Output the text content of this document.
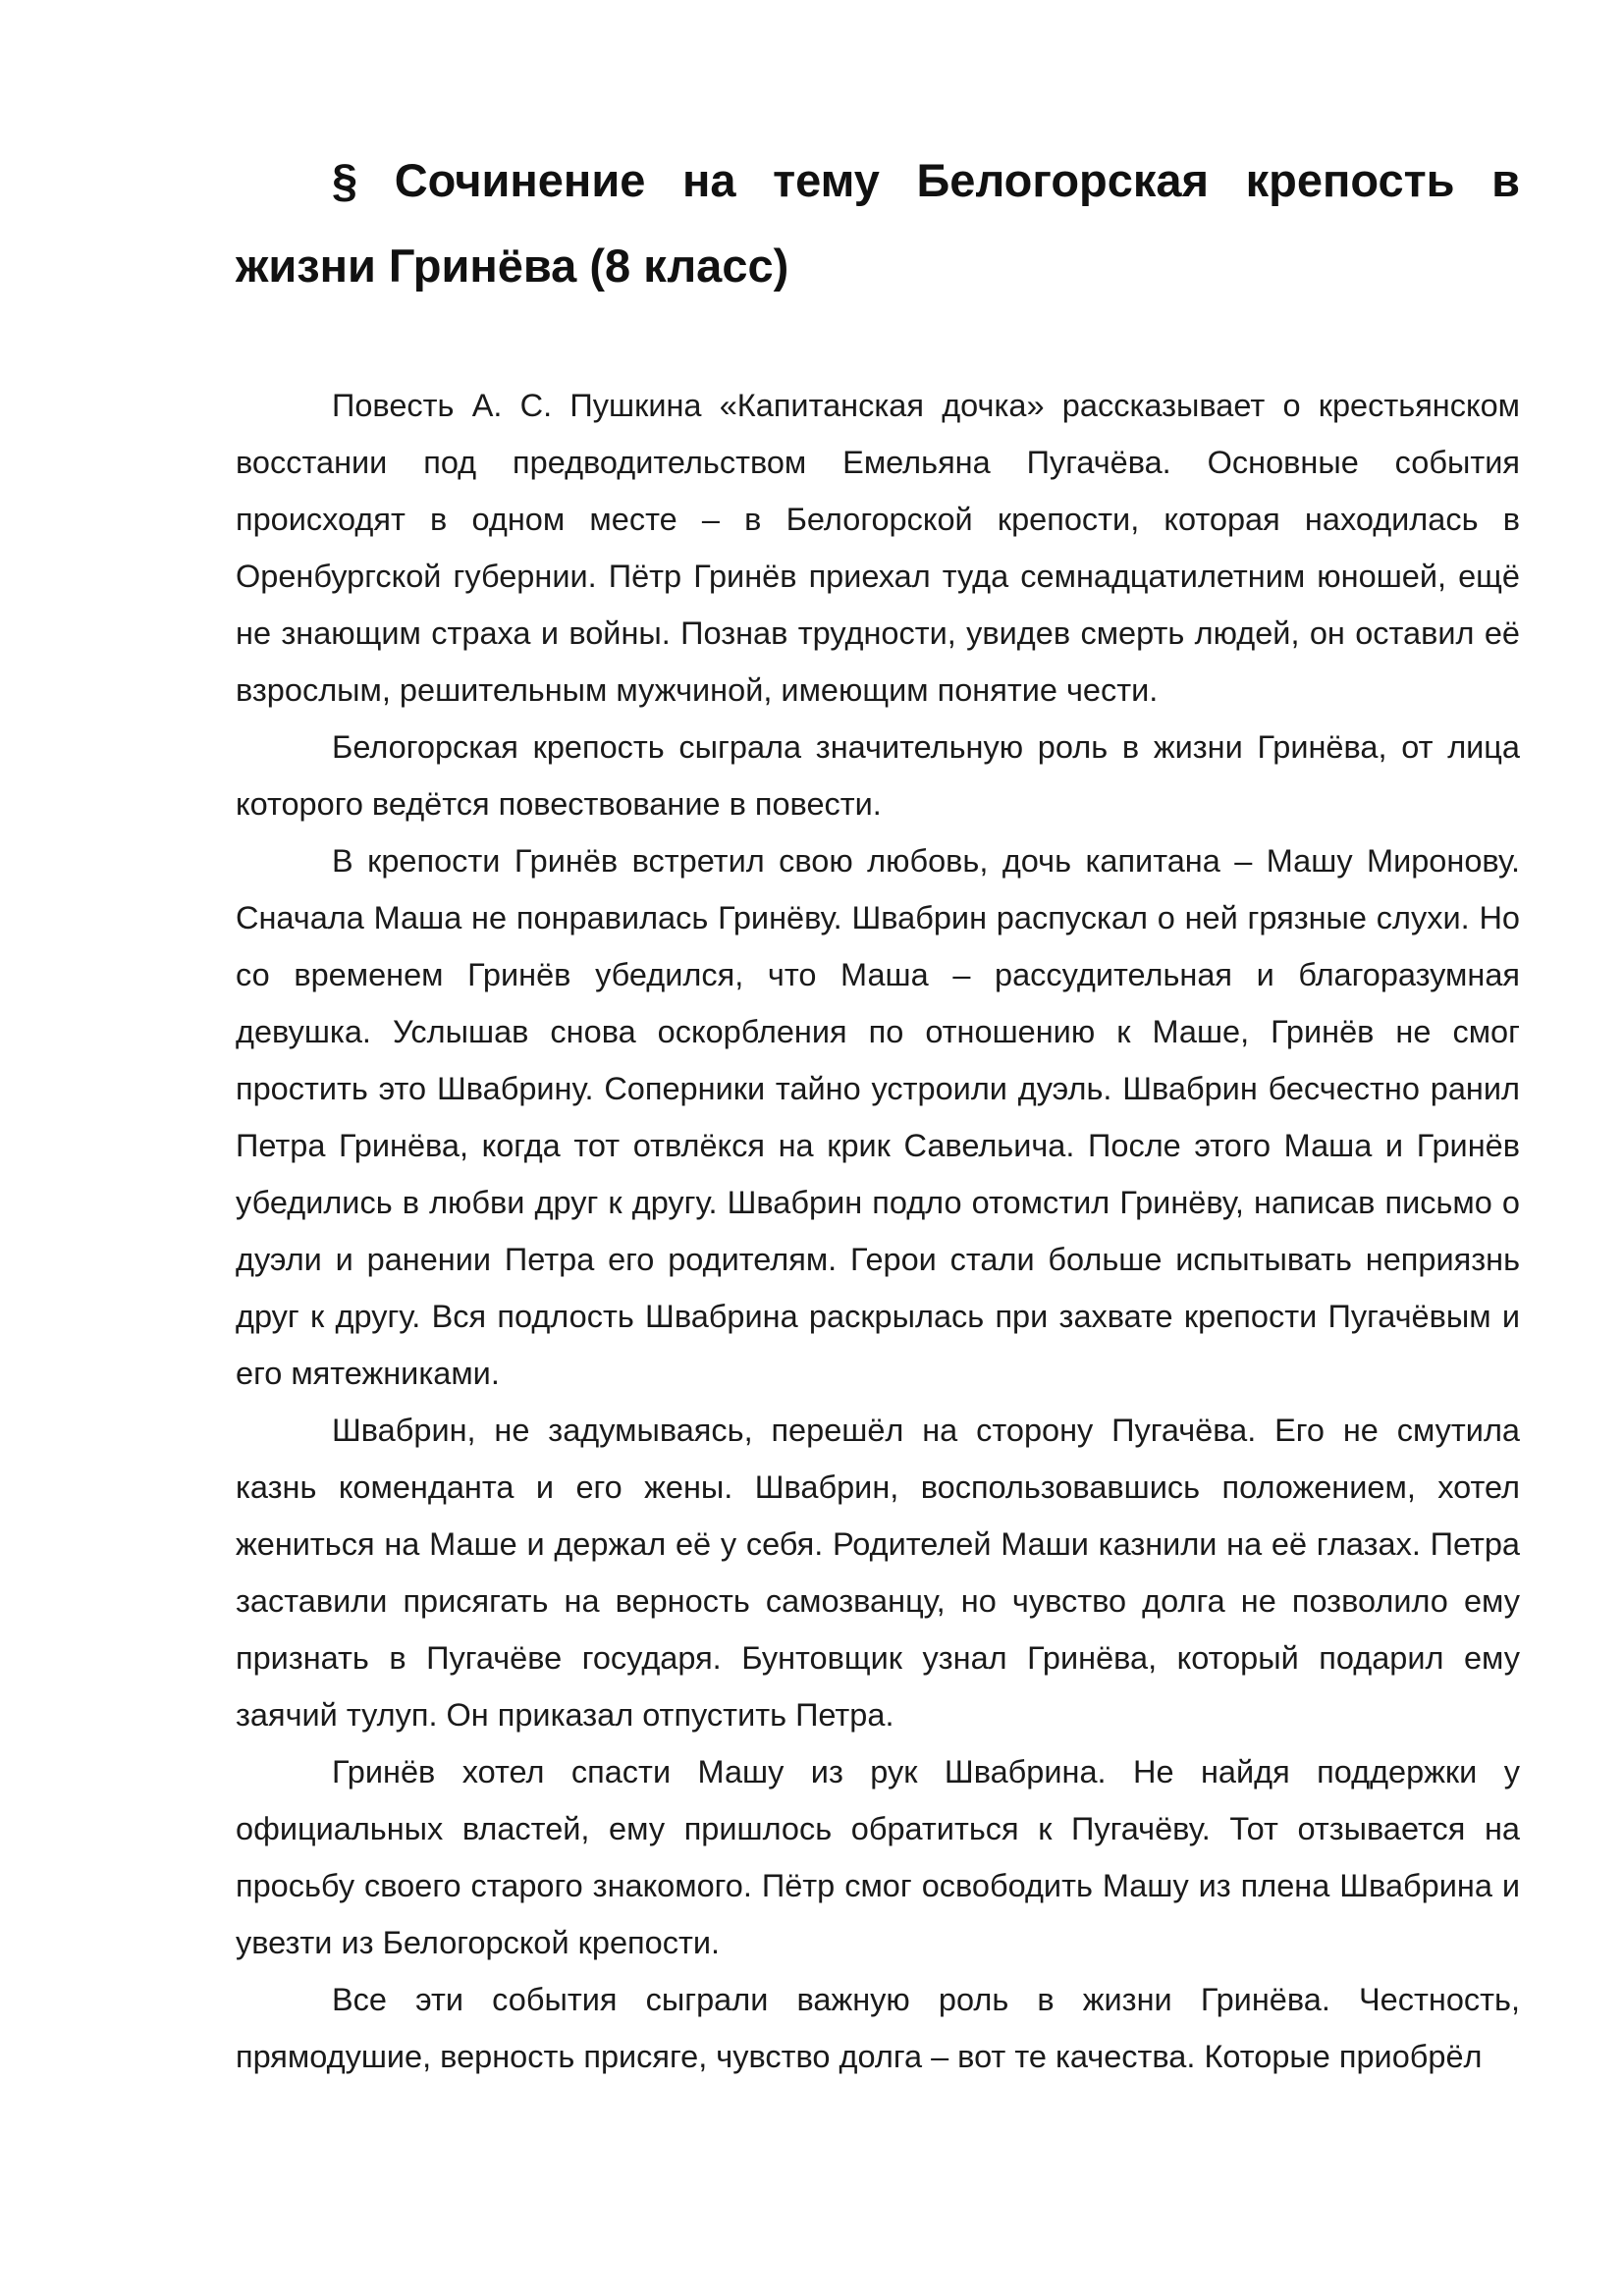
§ Сочинение на тему Белогорская крепость в жизни Гринёва (8 класс)

Повесть А. С. Пушкина «Капитанская дочка» рассказывает о крестьянском восстании под предводительством Емельяна Пугачёва. Основные события происходят в одном месте – в Белогорской крепости, которая находилась в Оренбургской губернии. Пётр Гринёв приехал туда семнадцатилетним юношей, ещё не знающим страха и войны. Познав трудности, увидев смерть людей, он оставил её взрослым, решительным мужчиной, имеющим понятие чести.

Белогорская крепость сыграла значительную роль в жизни Гринёва, от лица которого ведётся повествование в повести.

В крепости Гринёв встретил свою любовь, дочь капитана – Машу Миронову. Сначала Маша не понравилась Гринёву. Швабрин распускал о ней грязные слухи. Но со временем Гринёв убедился, что Маша – рассудительная и благоразумная девушка. Услышав снова оскорбления по отношению к Маше, Гринёв не смог простить это Швабрину. Соперники тайно устроили дуэль. Швабрин бесчестно ранил Петра Гринёва, когда тот отвлёкся на крик Савельича. После этого Маша и Гринёв убедились в любви друг к другу. Швабрин подло отомстил Гринёву, написав письмо о дуэли и ранении Петра его родителям. Герои стали больше испытывать неприязнь друг к другу. Вся подлость Швабрина раскрылась при захвате крепости Пугачёвым и его мятежниками.

Швабрин, не задумываясь, перешёл на сторону Пугачёва. Его не смутила казнь коменданта и его жены. Швабрин, воспользовавшись положением, хотел жениться на Маше и держал её у себя. Родителей Маши казнили на её глазах. Петра заставили присягать на верность самозванцу, но чувство долга не позволило ему признать в Пугачёве государя. Бунтовщик узнал Гринёва, который подарил ему заячий тулуп. Он приказал отпустить Петра.

Гринёв хотел спасти Машу из рук Швабрина. Не найдя поддержки у официальных властей, ему пришлось обратиться к Пугачёву. Тот отзывается на просьбу своего старого знакомого. Пётр смог освободить Машу из плена Швабрина и увезти из Белогорской крепости.

Все эти события сыграли важную роль в жизни Гринёва. Честность, прямодушие, верность присяге, чувство долга – вот те качества. Которые приобрёл
